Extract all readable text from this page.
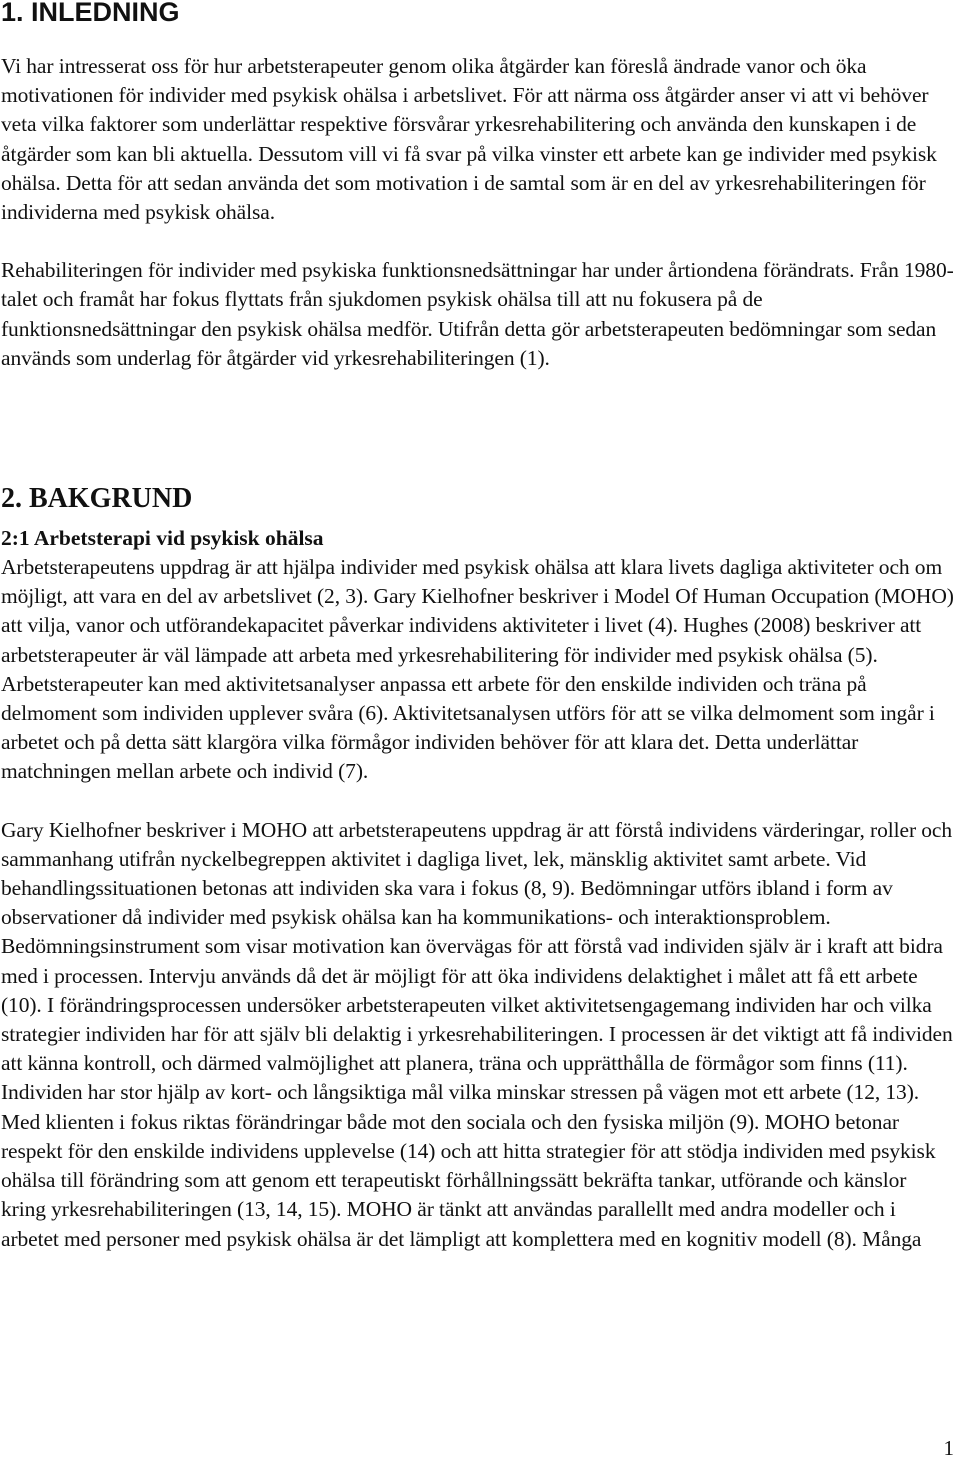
1. INLEDNING

Vi har intresserat oss för hur arbetsterapeuter genom olika åtgärder kan föreslå ändrade vanor och öka motivationen för individer med psykisk ohälsa i arbetslivet. För att närma oss åtgärder anser vi att vi behöver veta vilka faktorer som underlättar respektive försvårar yrkesrehabilitering och använda den kunskapen i de åtgärder som kan bli aktuella. Dessutom vill vi få svar på vilka vinster ett arbete kan ge individer med psykisk ohälsa. Detta för att sedan använda det som motivation i de samtal som är en del av yrkesrehabiliteringen för individerna med psykisk ohälsa.

Rehabiliteringen för individer med psykiska funktionsnedsättningar har under årtiondena förändrats. Från 1980-talet och framåt har fokus flyttats från sjukdomen psykisk ohälsa till att nu fokusera på de funktionsnedsättningar den psykisk ohälsa medför. Utifrån detta gör arbetsterapeuten bedömningar som sedan används som underlag för åtgärder vid yrkesrehabiliteringen (1).

2. BAKGRUND
2:1 Arbetsterapi vid psykisk ohälsa

Arbetsterapeutens uppdrag är att hjälpa individer med psykisk ohälsa att klara livets dagliga aktiviteter och om möjligt, att vara en del av arbetslivet (2, 3). Gary Kielhofner beskriver i Model Of Human Occupation (MOHO) att vilja, vanor och utförandekapacitet påverkar individens aktiviteter i livet (4). Hughes (2008) beskriver att arbetsterapeuter är väl lämpade att arbeta med yrkesrehabilitering för individer med psykisk ohälsa (5). Arbetsterapeuter kan med aktivitetsanalyser anpassa ett arbete för den enskilde individen och träna på delmoment som individen upplever svåra (6). Aktivitetsanalysen utförs för att se vilka delmoment som ingår i arbetet och på detta sätt klargöra vilka förmågor individen behöver för att klara det. Detta underlättar matchningen mellan arbete och individ (7).

Gary Kielhofner beskriver i MOHO att arbetsterapeutens uppdrag är att förstå individens värderingar, roller och sammanhang utifrån nyckelbegreppen aktivitet i dagliga livet, lek, mänsklig aktivitet samt arbete. Vid behandlingssituationen betonas att individen ska vara i fokus (8, 9). Bedömningar utförs ibland i form av observationer då individer med psykisk ohälsa kan ha kommunikations- och interaktionsproblem. Bedömningsinstrument som visar motivation kan övervägas för att förstå vad individen själv är i kraft att bidra med i processen. Intervju används då det är möjligt för att öka individens delaktighet i målet att få ett arbete (10). I förändringsprocessen undersöker arbetsterapeuten vilket aktivitetsengagemang individen har och vilka strategier individen har för att själv bli delaktig i yrkesrehabiliteringen. I processen är det viktigt att få individen att känna kontroll, och därmed valmöjlighet att planera, träna och upprätthålla de förmågor som finns (11). Individen har stor hjälp av kort- och långsiktiga mål vilka minskar stressen på vägen mot ett arbete (12, 13). Med klienten i fokus riktas förändringar både mot den sociala och den fysiska miljön (9). MOHO betonar respekt för den enskilde individens upplevelse (14) och att hitta strategier för att stödja individen med psykisk ohälsa till förändring som att genom ett terapeutiskt förhållningssätt bekräfta tankar, utförande och känslor kring yrkesrehabiliteringen (13, 14, 15). MOHO är tänkt att användas parallellt med andra modeller och i arbetet med personer med psykisk ohälsa är det lämpligt att komplettera med en kognitiv modell (8). Många

1
